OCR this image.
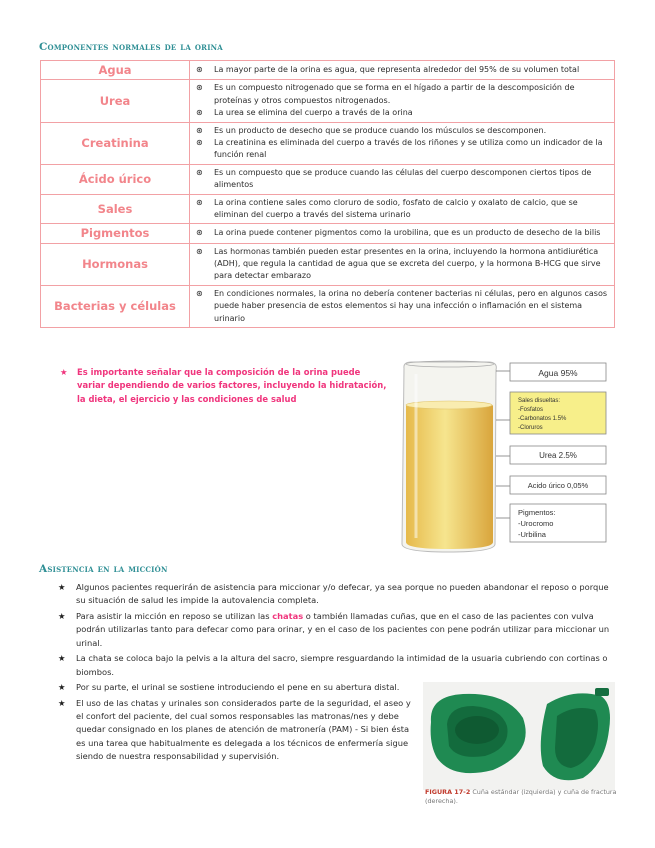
Componentes normales de la orina
Agua	⊛ La mayor parte de la orina es agua, que representa alrededor del 95% de su volumen total

Urea	⊛ Es un compuesto nitrogenado que se forma en el hígado a partir de la descomposición de proteínas y otros compuestos nitrogenados.
⊛ La urea se elimina del cuerpo a través de la orina

Creatinina	⊛ Es un producto de desecho que se produce cuando los músculos se descomponen.
⊛ La creatinina es eliminada del cuerpo a través de los riñones y se utiliza como un indicador de la función renal

Ácido úrico	⊛ Es un compuesto que se produce cuando las células del cuerpo descomponen ciertos tipos de alimentos

Sales	⊛ La orina contiene sales como cloruro de sodio, fosfato de calcio y oxalato de calcio, que se eliminan del cuerpo a través del sistema urinario

Pigmentos	⊛ La orina puede contener pigmentos como la urobilina, que es un producto de desecho de la bilis

Hormonas	⊛ Las hormonas también pueden estar presentes en la orina, incluyendo la hormona antidiurética (ADH), que regula la cantidad de agua que se excreta del cuerpo, y la hormona B-HCG que sirve para detectar embarazo

Bacterias y células	⊛ En condiciones normales, la orina no debería contener bacterias ni células, pero en algunos casos puede haber presencia de estos elementos si hay una infección o inflamación en el sistema urinario
★ Es importante señalar que la composición de la orina puede variar dependiendo de varios factores, incluyendo la hidratación, la dieta, el ejercicio y las condiciones de salud
Agua 95%
Sales disueltas:
-Fosfatos
-Carbonatos 1.5%
-Cloruros
Urea 2.5%
Acido úrico 0,05%
Pigmentos:
-Urocromo
-Urbilina
Asistencia en la micción
★	Algunos pacientes requerirán de asistencia para miccionar y/o defecar, ya sea porque no pueden abandonar el reposo o porque su situación de salud les impide la autovalencia completa.
★	Para asistir la micción en reposo se utilizan las chatas o también llamadas cuñas, que en el caso de las pacientes con vulva podrán utilizarlas tanto para defecar como para orinar, y en el caso de los pacientes con pene podrán utilizar para miccionar un urinal.
★	La chata se coloca bajo la pelvis a la altura del sacro, siempre resguardando la intimidad de la usuaria cubriendo con cortinas o biombos.
★	Por su parte, el urinal se sostiene introduciendo el pene en su abertura distal.
★	El uso de las chatas y urinales son considerados parte de la seguridad, el aseo y el confort del paciente, del cual somos responsables las matronas/nes y debe quedar consignado en los planes de atención de matronería (PAM) - Si bien ésta es una tarea que habitualmente es delegada a los técnicos de enfermería sigue siendo de nuestra responsabilidad y supervisión.
FIGURA 17-2 Cuña estándar (izquierda) y cuña de fractura (derecha).
